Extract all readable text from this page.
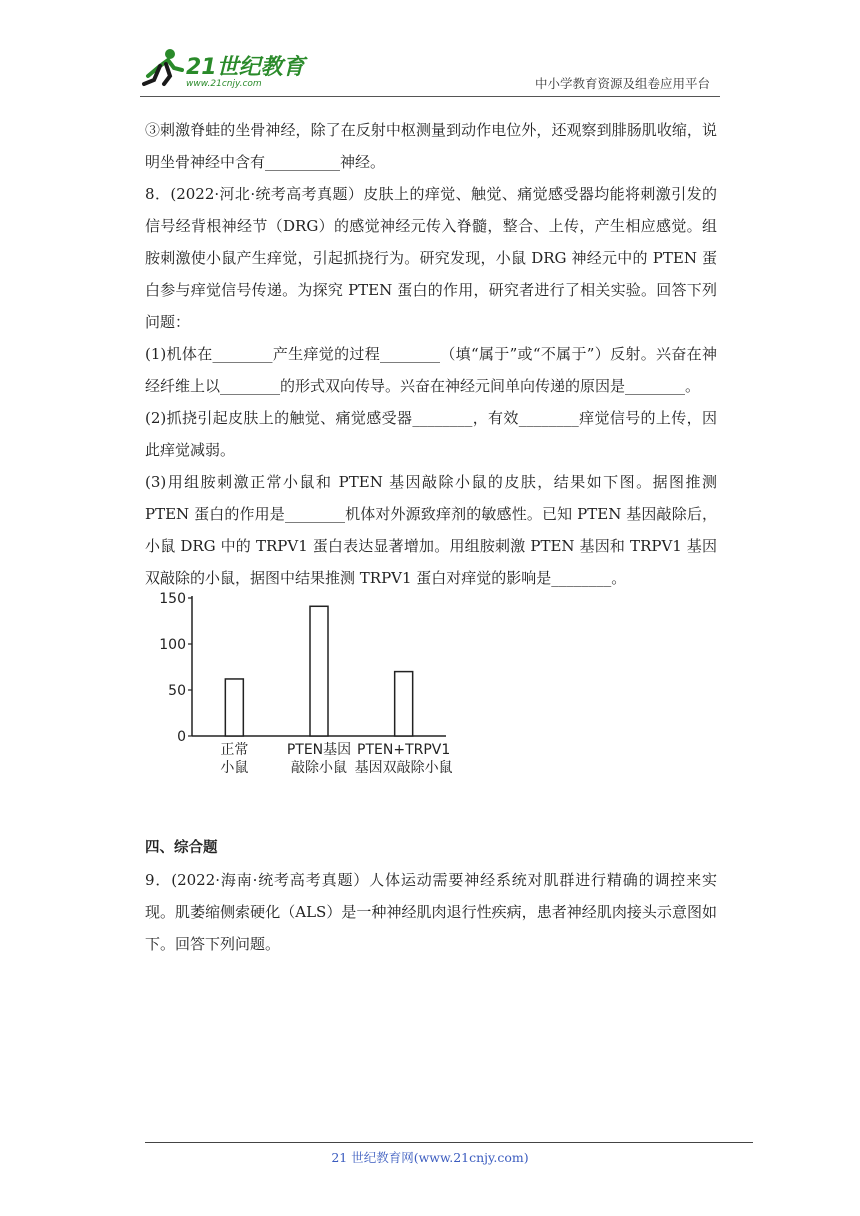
21世纪教育
www.21cnjy.com	中小学教育资源及组卷应用平台

③刺激脊蛙的坐骨神经，除了在反射中枢测量到动作电位外，还观察到腓肠肌收缩，说明坐骨神经中含有__________神经。

8．(2022·河北·统考高考真题）皮肤上的痒觉、触觉、痛觉感受器均能将刺激引发的信号经背根神经节（DRG）的感觉神经元传入脊髓，整合、上传，产生相应感觉。组胺刺激使小鼠产生痒觉，引起抓挠行为。研究发现，小鼠 DRG 神经元中的 PTEN 蛋白参与痒觉信号传递。为探究 PTEN 蛋白的作用，研究者进行了相关实验。回答下列问题：

(1)机体在________产生痒觉的过程________（填“属于”或“不属于”）反射。兴奋在神经纤维上以________的形式双向传导。兴奋在神经元间单向传递的原因是________。

(2)抓挠引起皮肤上的触觉、痛觉感受器________，有效________痒觉信号的上传，因此痒觉减弱。

(3)用组胺刺激正常小鼠和 PTEN 基因敲除小鼠的皮肤，结果如下图。据图推测 PTEN 蛋白的作用是________机体对外源致痒剂的敏感性。已知 PTEN 基因敲除后，小鼠 DRG 中的 TRPV1 蛋白表达显著增加。用组胺刺激 PTEN 基因和 TRPV1 基因双敲除的小鼠，据图中结果推测 TRPV1 蛋白对痒觉的影响是________。

0
50
100
150
正常
小鼠
PTEN基因
敲除小鼠
PTEN+TRPV1
基因双敲除小鼠
四、综合题

9．(2022·海南·统考高考真题）人体运动需要神经系统对肌群进行精确的调控来实现。肌萎缩侧索硬化（ALS）是一种神经肌肉退行性疾病，患者神经肌肉接头示意图如下。回答下列问题。

21 世纪教育网(www.21cnjy.com)
